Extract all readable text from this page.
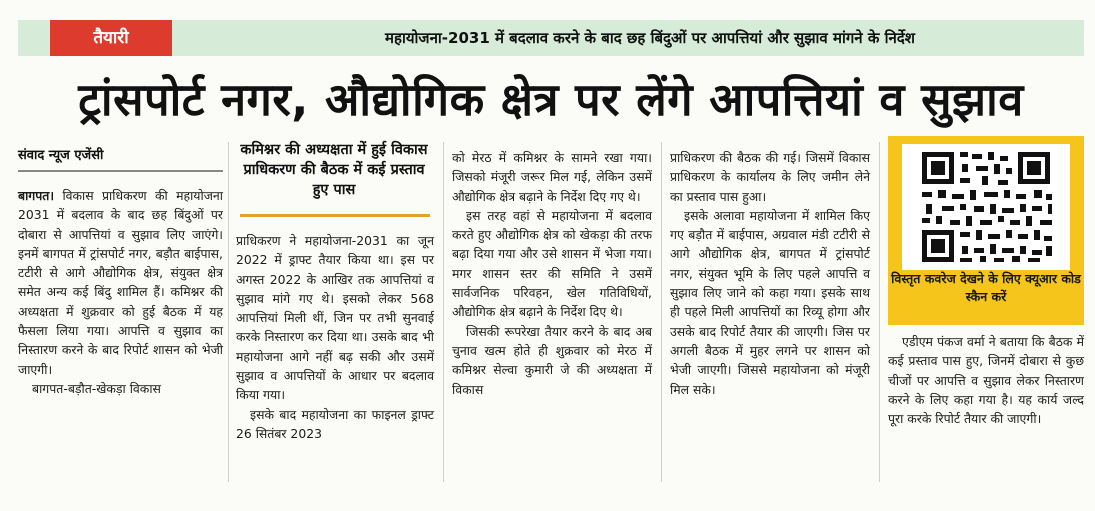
तैयारी	महायोजना-2031 में बदलाव करने के बाद छह बिंदुओं पर आपत्तियां और सुझाव मांगने के निर्देश
ट्रांसपोर्ट नगर, औद्योगिक क्षेत्र पर लेंगे आपत्तियां व सुझाव
संवाद न्यूज एजेंसी

बागपत। विकास प्राधिकरण की महायोजना 2031 में बदलाव के बाद छह बिंदुओं पर दोबारा से आपत्तियां व सुझाव लिए जाएंगे। इनमें बागपत में ट्रांसपोर्ट नगर, बड़ौत बाईपास, टटीरी से आगे औद्योगिक क्षेत्र, संयुक्त क्षेत्र समेत अन्य कई बिंदु शामिल हैं। कमिश्नर की अध्यक्षता में शुक्रवार को हुई बैठक में यह फैसला लिया गया। आपत्ति व सुझाव का निस्तारण करने के बाद रिपोर्ट शासन को भेजी जाएगी।

बागपत-बड़ौत-खेकड़ा विकास

कमिश्नर की अध्यक्षता में हुई विकास प्राधिकरण की बैठक में कई प्रस्ताव हुए पास

प्राधिकरण ने महायोजना-2031 का जून 2022 में ड्राफ्ट तैयार किया था। इस पर अगस्त 2022 के आखिर तक आपत्तियां व सुझाव मांगे गए थे। इसको लेकर 568 आपत्तियां मिली थीं, जिन पर तभी सुनवाई करके निस्तारण कर दिया था। उसके बाद भी महायोजना आगे नहीं बढ़ सकी और उसमें सुझाव व आपत्तियों के आधार पर बदलाव किया गया।

इसके बाद महायोजना का फाइनल ड्राफ्ट 26 सितंबर 2023

को मेरठ में कमिश्नर के सामने रखा गया। जिसको मंजूरी जरूर मिल गई, लेकिन उसमें औद्योगिक क्षेत्र बढ़ाने के निर्देश दिए गए थे।

इस तरह वहां से महायोजना में बदलाव करते हुए औद्योगिक क्षेत्र को खेकड़ा की तरफ बढ़ा दिया गया और उसे शासन में भेजा गया। मगर शासन स्तर की समिति ने उसमें सार्वजनिक परिवहन, खेल गतिविधियों, औद्योगिक क्षेत्र बढ़ाने के निर्देश दिए थे।

जिसकी रूपरेखा तैयार करने के बाद अब चुनाव खत्म होते ही शुक्रवार को मेरठ में कमिश्नर सेल्वा कुमारी जे की अध्यक्षता में विकास

प्राधिकरण की बैठक की गई। जिसमें विकास प्राधिकरण के कार्यालय के लिए जमीन लेने का प्रस्ताव पास हुआ।

इसके अलावा महायोजना में शामिल किए गए बड़ौत में बाईपास, अग्रवाल मंडी टटीरी से आगे औद्योगिक क्षेत्र, बागपत में ट्रांसपोर्ट नगर, संयुक्त भूमि के लिए पहले आपत्ति व सुझाव लिए जाने को कहा गया। इसके साथ ही पहले मिली आपत्तियों का रिव्यू होगा और उसके बाद रिपोर्ट तैयार की जाएगी। जिस पर अगली बैठक में मुहर लगने पर शासन को भेजी जाएगी। जिससे महायोजना को मंजूरी मिल सके।

विस्तृत कवरेज देखने के लिए क्यूआर कोड स्कैन करें

एडीएम पंकज वर्मा ने बताया कि बैठक में कई प्रस्ताव पास हुए, जिनमें दोबारा से कुछ चीजों पर आपत्ति व सुझाव लेकर निस्तारण करने के लिए कहा गया है। यह कार्य जल्द पूरा करके रिपोर्ट तैयार की जाएगी।
